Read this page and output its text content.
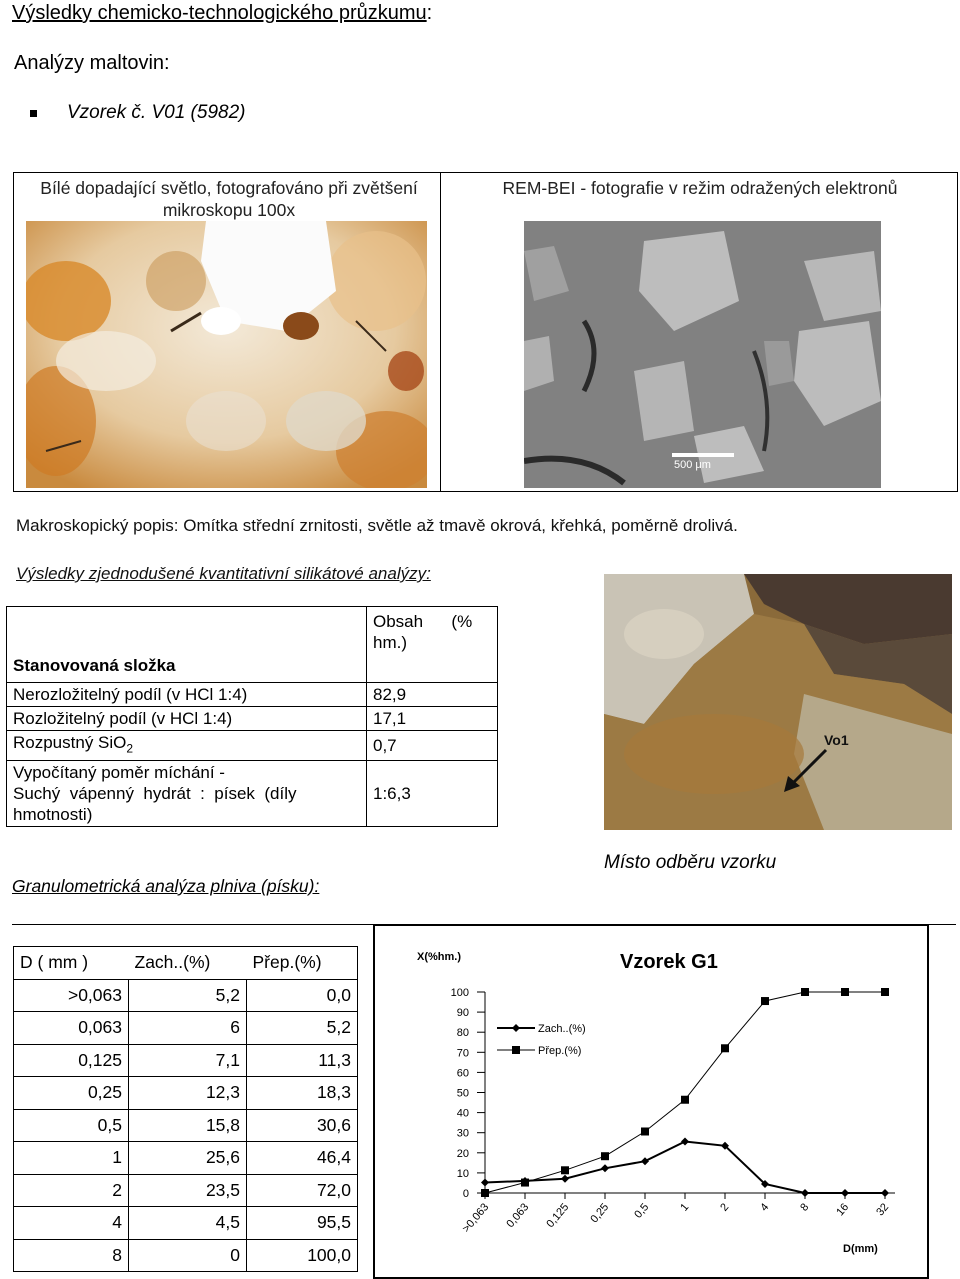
Výsledky chemicko-technologického průzkumu:
Analýzy maltovin:
Vzorek č. V01 (5982)
Bílé dopadající světlo, fotografováno při zvětšení mikroskopu 100x
REM-BEI - fotografie v režim odražených elektronů
500 μm
Makroskopický popis: Omítka střední zrnitosti, světle až tmavě okrová, křehká, poměrně drolivá.
Výsledky zjednodušené kvantitativní silikátové analýzy:
Stanovovaná složka	Obsah      (%
hm.)

Nerozložitelný podíl (v HCl 1:4)	82,9
Rozložitelný podíl (v HCl 1:4)	17,1
Rozpustný SiO$_2$	0,7

Vypočítaný poměr míchání -
Suchý  vápenný  hydrát  :  písek  (díly
hmotnosti)	1:6,3
Vo1
Místo odběru vzorku
Granulometrická analýza plniva (písku):
D ( mm )	Zach..(%)	Přep.(%)
>0,063	5,2	0,0
0,063	6	5,2
0,125	7,1	11,3
0,25	12,3	18,3
0,5	15,8	30,6
1	25,6	46,4
2	23,5	72,0
4	4,5	95,5
8	0	100,0
Vzorek G1
X(%hm.)
D(mm)
0
10
20
30
40
50
60
70
80
90
100
>0,063 0,063 0,125 0,25 0,5 1 2 4 8 16 32
Zach..(%)
Přep.(%)
